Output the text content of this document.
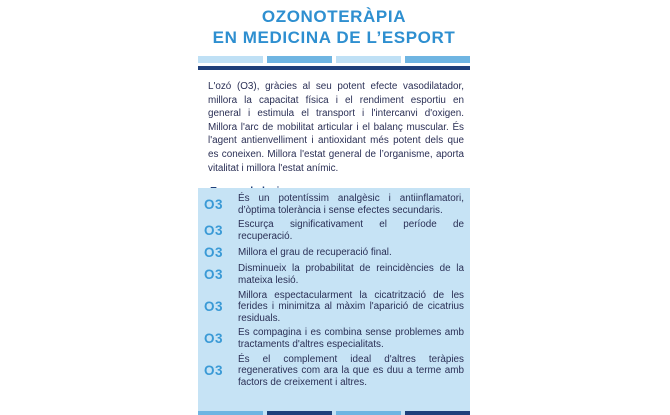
OZONOTERÀPIA
EN MEDICINA DE L’ESPORT

L'ozó (O3), gràcies al seu potent efecte vasodilatador, millora la capacitat física i el rendiment esportiu en general i estimula el transport i l'intercanvi d'oxigen. Millora l'arc de mobilitat articular i el balanç muscular. És l'agent antienvelliment i antioxidant més potent dels que es coneixen. Millora l'estat general de l’organisme, aporta vitalitat i millora l'estat anímic.

O3	És un potentíssim analgèsic i antiinflamatori, d’òptima tolerància i sense efectes secundaris.
O3	Escurça significativament el període de recuperació.
O3	Millora el grau de recuperació final.
O3	Disminueix la probabilitat de reincidències de la mateixa lesió.
O3
Millora espectacularment la cicatrització de les ferides i minimitza al màxim l'aparició de cicatrius residuals.
O3	Es compagina i es combina sense problemes amb tractaments d'altres especialitats.
O3
És el complement ideal d'altres teràpies regeneratives com ara la que es duu a terme amb factors de creixement i altres.
